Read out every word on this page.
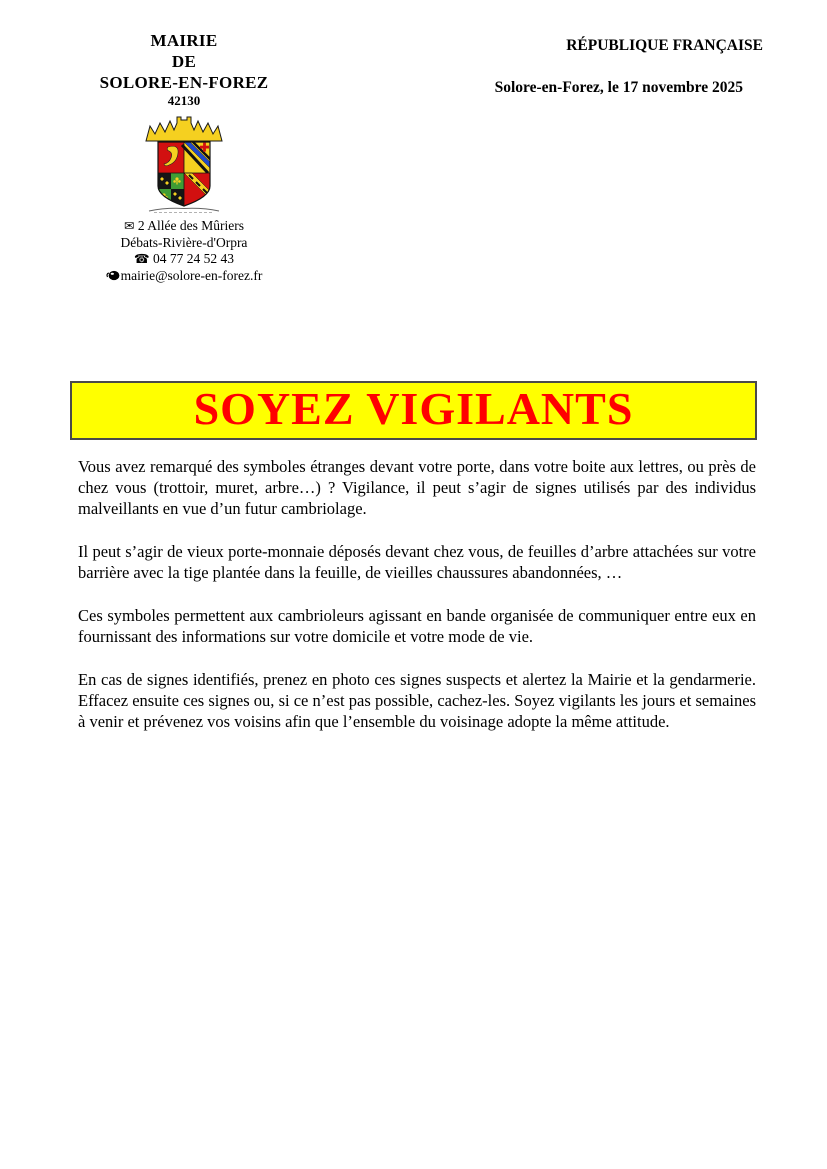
MAIRIE
DE
SOLORE-EN-FOREZ
42130
✉ 2 Allée des Mûriers
Débats-Rivière-d'Orpra
☎ 04 77 24 52 43
mairie@solore-en-forez.fr
RÉPUBLIQUE FRANÇAISE
Solore-en-Forez, le 17 novembre 2025
SOYEZ VIGILANTS

Vous avez remarqué des symboles étranges devant votre porte, dans votre boite aux lettres, ou près de chez vous (trottoir, muret, arbre…) ? Vigilance, il peut s’agir de signes utilisés par des individus malveillants en vue d’un futur cambriolage.

Il peut s’agir de vieux porte-monnaie déposés devant chez vous, de feuilles d’arbre attachées sur votre barrière avec la tige plantée dans la feuille, de vieilles chaussures abandonnées, …

Ces symboles permettent aux cambrioleurs agissant en bande organisée de communiquer entre eux en fournissant des informations sur votre domicile et votre mode de vie.

En cas de signes identifiés, prenez en photo ces signes suspects et alertez la Mairie et la gendarmerie. Effacez ensuite ces signes ou, si ce n’est pas possible, cachez-les. Soyez vigilants les jours et semaines à venir et prévenez vos voisins afin que l’ensemble du voisinage adopte la même attitude.
